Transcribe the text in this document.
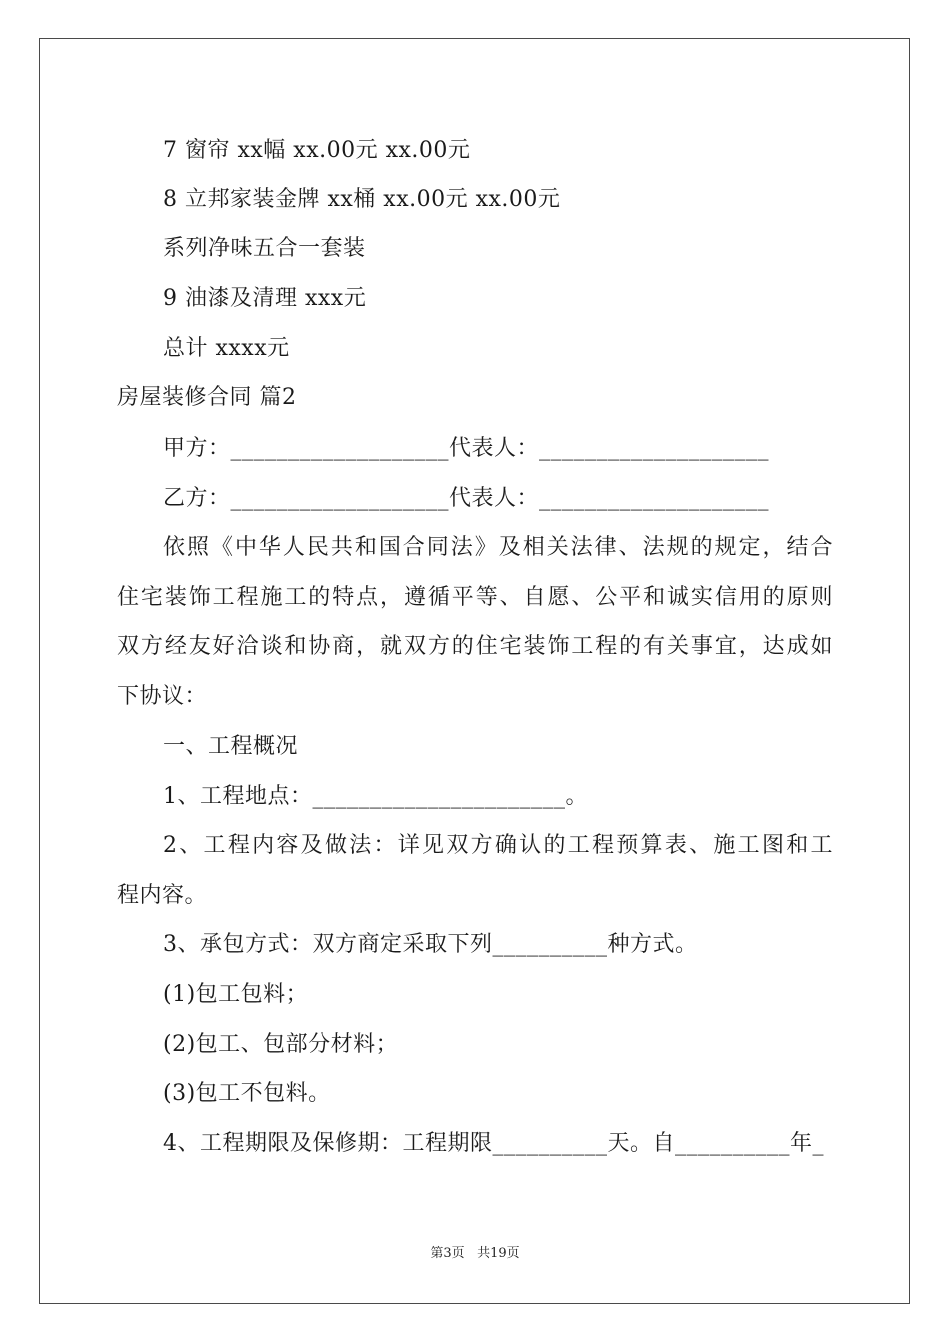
7 窗帘 xx幅 xx.00元 xx.00元
8 立邦家装金牌 xx桶 xx.00元 xx.00元
系列净味五合一套装
9 油漆及清理 xxx元
总计 xxxx元
房屋装修合同 篇2
甲方：___________________代表人：____________________
乙方：___________________代表人：____________________
依照《中华人民共和国合同法》及相关法律、法规的规定，结合
住宅装饰工程施工的特点，遵循平等、自愿、公平和诚实信用的原则
双方经友好洽谈和协商，就双方的住宅装饰工程的有关事宜，达成如
下协议：
一、工程概况
1、工程地点：______________________。
2、工程内容及做法：详见双方确认的工程预算表、施工图和工
程内容。
3、承包方式：双方商定采取下列__________种方式。
(1)包工包料；
(2)包工、包部分材料；
(3)包工不包料。
4、工程期限及保修期：工程期限__________天。自__________年_
第3页 共19页
